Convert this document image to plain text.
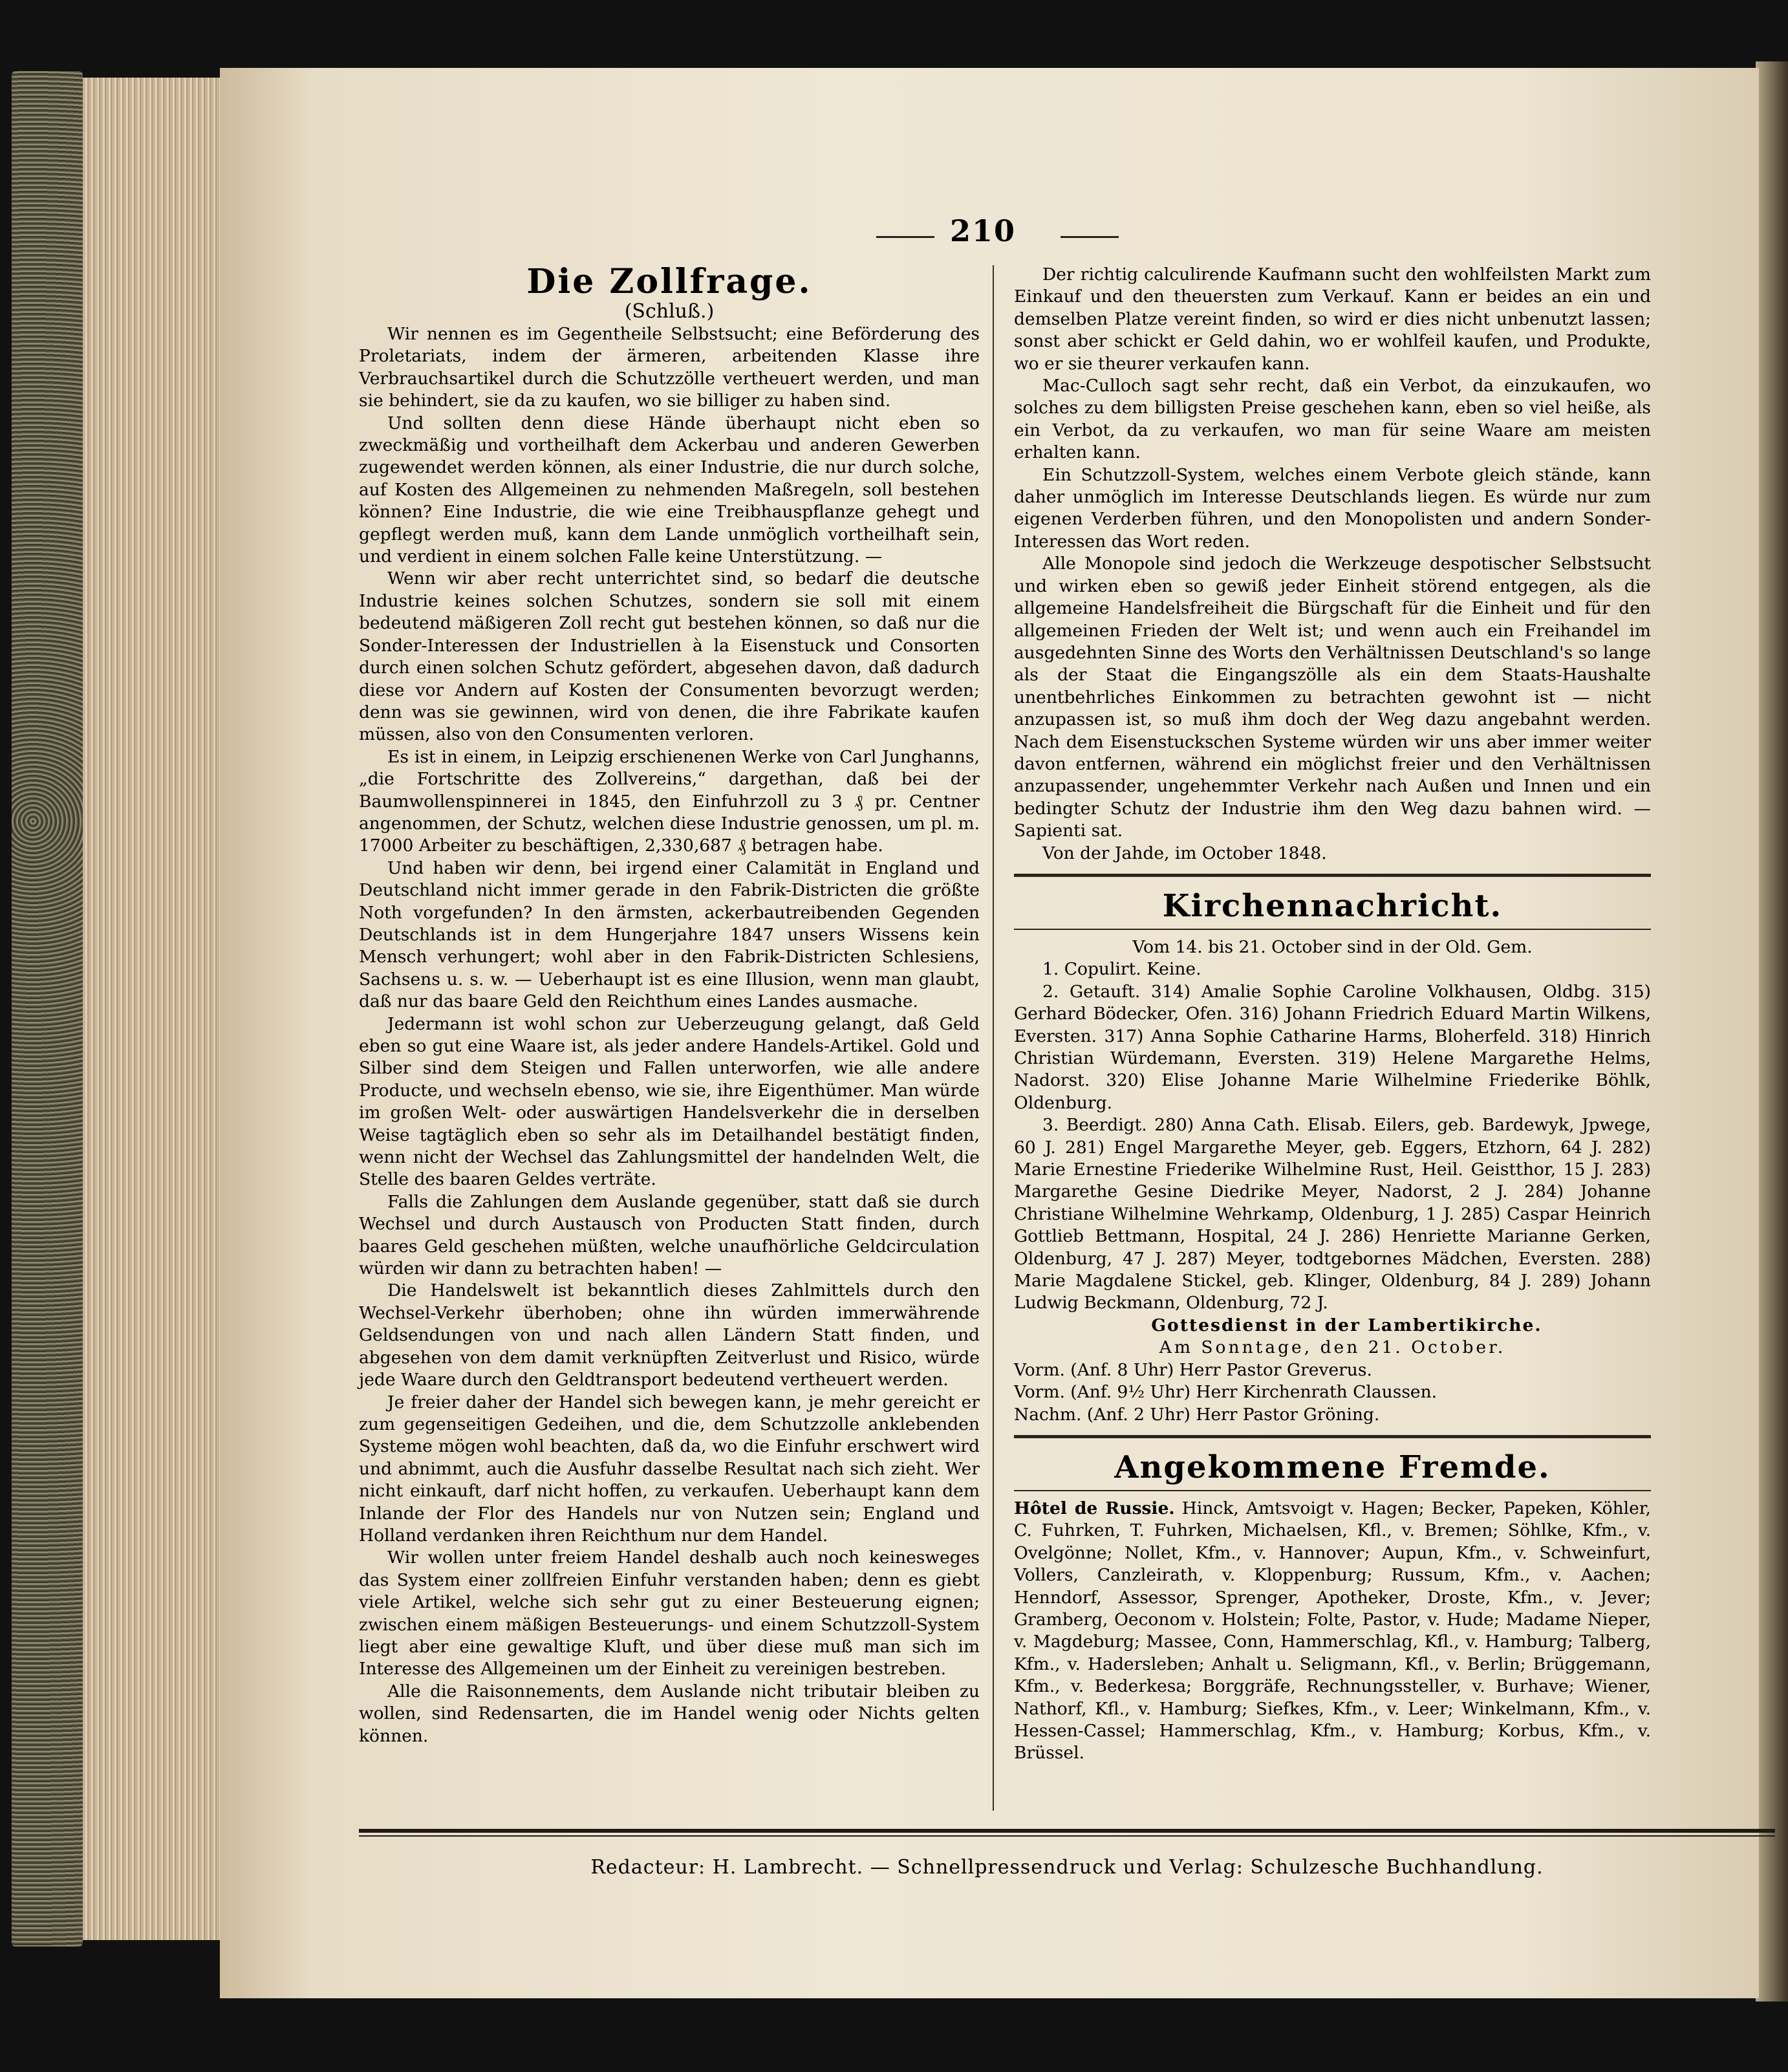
210
Die Zollfrage.

(Schluß.)

Wir nennen es im Gegentheile Selbstsucht; eine Beförderung des Proletariats, indem der ärmeren, arbeitenden Klasse ihre Verbrauchsartikel durch die Schutzzölle vertheuert werden, und man sie behindert, sie da zu kaufen, wo sie billiger zu haben sind.

Und sollten denn diese Hände überhaupt nicht eben so zweckmäßig und vortheilhaft dem Ackerbau und anderen Gewerben zugewendet werden können, als einer Industrie, die nur durch solche, auf Kosten des Allgemeinen zu nehmenden Maßregeln, soll bestehen können? Eine Industrie, die wie eine Treibhauspflanze gehegt und gepflegt werden muß, kann dem Lande unmöglich vortheilhaft sein, und verdient in einem solchen Falle keine Unterstützung. —

Wenn wir aber recht unterrichtet sind, so bedarf die deutsche Industrie keines solchen Schutzes, sondern sie soll mit einem bedeutend mäßigeren Zoll recht gut bestehen können, so daß nur die Sonder-Interessen der Industriellen à la Eisenstuck und Consorten durch einen solchen Schutz gefördert, abgesehen davon, daß dadurch diese vor Andern auf Kosten der Consumenten bevorzugt werden; denn was sie gewinnen, wird von denen, die ihre Fabrikate kaufen müssen, also von den Consumenten verloren.

Es ist in einem, in Leipzig erschienenen Werke von Carl Junghanns, „die Fortschritte des Zollvereins,“ dargethan, daß bei der Baumwollenspinnerei in 1845, den Einfuhrzoll zu 3 ₰ pr. Centner angenommen, der Schutz, welchen diese Industrie genossen, um pl. m. 17000 Arbeiter zu beschäftigen, 2,330,687 ₰ betragen habe.

Und haben wir denn, bei irgend einer Calamität in England und Deutschland nicht immer gerade in den Fabrik-Districten die größte Noth vorgefunden? In den ärmsten, ackerbautreibenden Gegenden Deutschlands ist in dem Hungerjahre 1847 unsers Wissens kein Mensch verhungert; wohl aber in den Fabrik-Districten Schlesiens, Sachsens u. s. w. — Ueberhaupt ist es eine Illusion, wenn man glaubt, daß nur das baare Geld den Reichthum eines Landes ausmache.

Jedermann ist wohl schon zur Ueberzeugung gelangt, daß Geld eben so gut eine Waare ist, als jeder andere Handels-Artikel. Gold und Silber sind dem Steigen und Fallen unterworfen, wie alle andere Producte, und wechseln ebenso, wie sie, ihre Eigenthümer. Man würde im großen Welt- oder auswärtigen Handelsverkehr die in derselben Weise tagtäglich eben so sehr als im Detailhandel bestätigt finden, wenn nicht der Wechsel das Zahlungsmittel der handelnden Welt, die Stelle des baaren Geldes verträte.

Falls die Zahlungen dem Auslande gegenüber, statt daß sie durch Wechsel und durch Austausch von Producten Statt finden, durch baares Geld geschehen müßten, welche unaufhörliche Geldcirculation würden wir dann zu betrachten haben! —

Die Handelswelt ist bekanntlich dieses Zahlmittels durch den Wechsel-Verkehr überhoben; ohne ihn würden immerwährende Geldsendungen von und nach allen Ländern Statt finden, und abgesehen von dem damit verknüpften Zeitverlust und Risico, würde jede Waare durch den Geldtransport bedeutend vertheuert werden.

Je freier daher der Handel sich bewegen kann, je mehr gereicht er zum gegenseitigen Gedeihen, und die, dem Schutzzolle anklebenden Systeme mögen wohl beachten, daß da, wo die Einfuhr erschwert wird und abnimmt, auch die Ausfuhr dasselbe Resultat nach sich zieht. Wer nicht einkauft, darf nicht hoffen, zu verkaufen. Ueberhaupt kann dem Inlande der Flor des Handels nur von Nutzen sein; England und Holland verdanken ihren Reichthum nur dem Handel.

Wir wollen unter freiem Handel deshalb auch noch keinesweges das System einer zollfreien Einfuhr verstanden haben; denn es giebt viele Artikel, welche sich sehr gut zu einer Besteuerung eignen; zwischen einem mäßigen Besteuerungs- und einem Schutzzoll-System liegt aber eine gewaltige Kluft, und über diese muß man sich im Interesse des Allgemeinen um der Einheit zu vereinigen bestreben.

Alle die Raisonnements, dem Auslande nicht tributair bleiben zu wollen, sind Redensarten, die im Handel wenig oder Nichts gelten können.

Der richtig calculirende Kaufmann sucht den wohlfeilsten Markt zum Einkauf und den theuersten zum Verkauf. Kann er beides an ein und demselben Platze vereint finden, so wird er dies nicht unbenutzt lassen; sonst aber schickt er Geld dahin, wo er wohlfeil kaufen, und Produkte, wo er sie theurer verkaufen kann.

Mac-Culloch sagt sehr recht, daß ein Verbot, da einzukaufen, wo solches zu dem billigsten Preise geschehen kann, eben so viel heiße, als ein Verbot, da zu verkaufen, wo man für seine Waare am meisten erhalten kann.

Ein Schutzzoll-System, welches einem Verbote gleich stände, kann daher unmöglich im Interesse Deutschlands liegen. Es würde nur zum eigenen Verderben führen, und den Monopolisten und andern Sonder-Interessen das Wort reden.

Alle Monopole sind jedoch die Werkzeuge despotischer Selbstsucht und wirken eben so gewiß jeder Einheit störend entgegen, als die allgemeine Handelsfreiheit die Bürgschaft für die Einheit und für den allgemeinen Frieden der Welt ist; und wenn auch ein Freihandel im ausgedehnten Sinne des Worts den Verhältnissen Deutschland's so lange als der Staat die Eingangszölle als ein dem Staats-Haushalte unentbehrliches Einkommen zu betrachten gewohnt ist — nicht anzupassen ist, so muß ihm doch der Weg dazu angebahnt werden. Nach dem Eisenstuckschen Systeme würden wir uns aber immer weiter davon entfernen, während ein möglichst freier und den Verhältnissen anzupassender, ungehemmter Verkehr nach Außen und Innen und ein bedingter Schutz der Industrie ihm den Weg dazu bahnen wird. — Sapienti sat.

Von der Jahde, im October 1848.

Kirchennachricht.

Vom 14. bis 21. October sind in der Old. Gem.

1. Copulirt. Keine.

2. Getauft. 314) Amalie Sophie Caroline Volkhausen, Oldbg. 315) Gerhard Bödecker, Ofen. 316) Johann Friedrich Eduard Martin Wilkens, Eversten. 317) Anna Sophie Catharine Harms, Bloherfeld. 318) Hinrich Christian Würdemann, Eversten. 319) Helene Margarethe Helms, Nadorst. 320) Elise Johanne Marie Wilhelmine Friederike Böhlk, Oldenburg.

3. Beerdigt. 280) Anna Cath. Elisab. Eilers, geb. Bardewyk, Jpwege, 60 J. 281) Engel Margarethe Meyer, geb. Eggers, Etzhorn, 64 J. 282) Marie Ernestine Friederike Wilhelmine Rust, Heil. Geistthor, 15 J. 283) Margarethe Gesine Diedrike Meyer, Nadorst, 2 J. 284) Johanne Christiane Wilhelmine Wehrkamp, Oldenburg, 1 J. 285) Caspar Heinrich Gottlieb Bettmann, Hospital, 24 J. 286) Henriette Marianne Gerken, Oldenburg, 47 J. 287) Meyer, todtgebornes Mädchen, Eversten. 288) Marie Magdalene Stickel, geb. Klinger, Oldenburg, 84 J. 289) Johann Ludwig Beckmann, Oldenburg, 72 J.

Gottesdienst in der Lambertikirche.

Am Sonntage, den 21. October.

Vorm. (Anf. 8 Uhr) Herr Pastor Greverus.

Vorm. (Anf. 9½ Uhr) Herr Kirchenrath Claussen.

Nachm. (Anf. 2 Uhr) Herr Pastor Gröning.

Angekommene Fremde.

Hôtel de Russie. Hinck, Amtsvoigt v. Hagen; Becker, Papeken, Köhler, C. Fuhrken, T. Fuhrken, Michaelsen, Kfl., v. Bremen; Söhlke, Kfm., v. Ovelgönne; Nollet, Kfm., v. Hannover; Aupun, Kfm., v. Schweinfurt, Vollers, Canzleirath, v. Kloppenburg; Russum, Kfm., v. Aachen; Henndorf, Assessor, Sprenger, Apotheker, Droste, Kfm., v. Jever; Gramberg, Oeconom v. Holstein; Folte, Pastor, v. Hude; Madame Nieper, v. Magdeburg; Massee, Conn, Hammerschlag, Kfl., v. Hamburg; Talberg, Kfm., v. Haderslebеn; Anhalt u. Seligmann, Kfl., v. Berlin; Brüggemann, Kfm., v. Bederkesa; Borggräfe, Rechnungssteller, v. Burhave; Wiener, Nathorf, Kfl., v. Hamburg; Siefkes, Kfm., v. Leer; Winkelmann, Kfm., v. Hessen-Cassel; Hammerschlag, Kfm., v. Hamburg; Korbus, Kfm., v. Brüssel.

Redacteur: H. Lambrecht. — Schnellpressendruck und Verlag: Schulzesche Buchhandlung.
